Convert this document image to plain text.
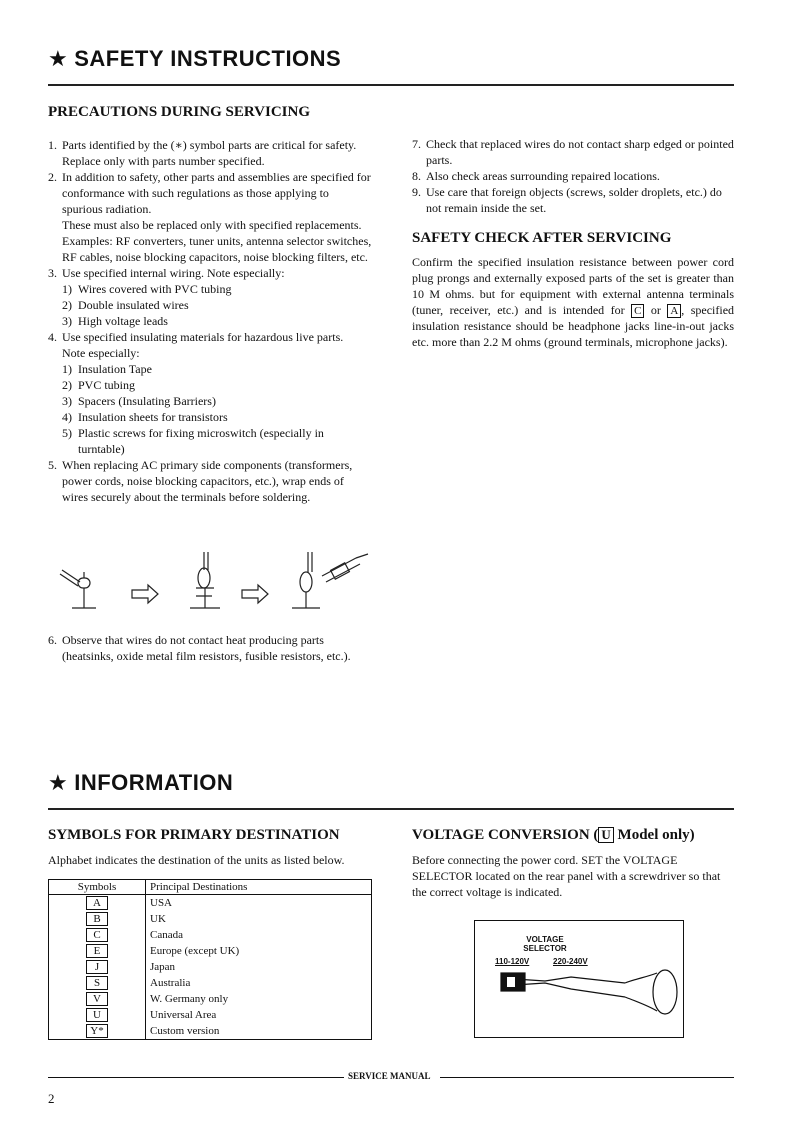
★ SAFETY INSTRUCTIONS
PRECAUTIONS DURING SERVICING
1. Parts identified by the (∗) symbol parts are critical for safety. Replace only with parts number specified.
2. In addition to safety, other parts and assemblies are specified for conformance with such regulations as those applying to spurious radiation.
These must also be replaced only with specified replacements.
Examples: RF converters, tuner units, antenna selector switches, RF cables, noise blocking capacitors, noise blocking filters, etc.
3. Use specified internal wiring. Note especially:
1) Wires covered with PVC tubing
2) Double insulated wires
3) High voltage leads
4. Use specified insulating materials for hazardous live parts.
Note especially:
1) Insulation Tape
2) PVC tubing
3) Spacers (Insulating Barriers)
4) Insulation sheets for transistors
5) Plastic screws for fixing microswitch (especially in turntable)
5. When replacing AC primary side components (transformers, power cords, noise blocking capacitors, etc.), wrap ends of wires securely about the terminals before soldering.
6. Observe that wires do not contact heat producing parts (heatsinks, oxide metal film resistors, fusible resistors, etc.).
7. Check that replaced wires do not contact sharp edged or pointed parts.
8. Also check areas surrounding repaired locations.
9. Use care that foreign objects (screws, solder droplets, etc.) do not remain inside the set.
SAFETY CHECK AFTER SERVICING
Confirm the specified insulation resistance between power cord plug prongs and externally exposed parts of the set is greater than 10 M ohms. but for equipment with external antenna terminals (tuner, receiver, etc.) and is intended for C or A , specified insulation resistance should be headphone jacks line-in-out jacks etc. more than 2.2 M ohms (ground terminals, microphone jacks).
★ INFORMATION
SYMBOLS FOR PRIMARY DESTINATION
Alphabet indicates the destination of the units as listed below.
Symbols	Principal Destinations
A	USA
B	UK
C	Canada
E	Europe (except UK)
J	Japan
S	Australia
V	W. Germany only
U	Universal Area
Y*	Custom version
VOLTAGE CONVERSION ( U Model only)
Before connecting the power cord. SET the VOLTAGE SELECTOR located on the rear panel with a screwdriver so that the correct voltage is indicated.
VOLTAGE
SELECTOR
110-120V	220-240V
SERVICE MANUAL
2
